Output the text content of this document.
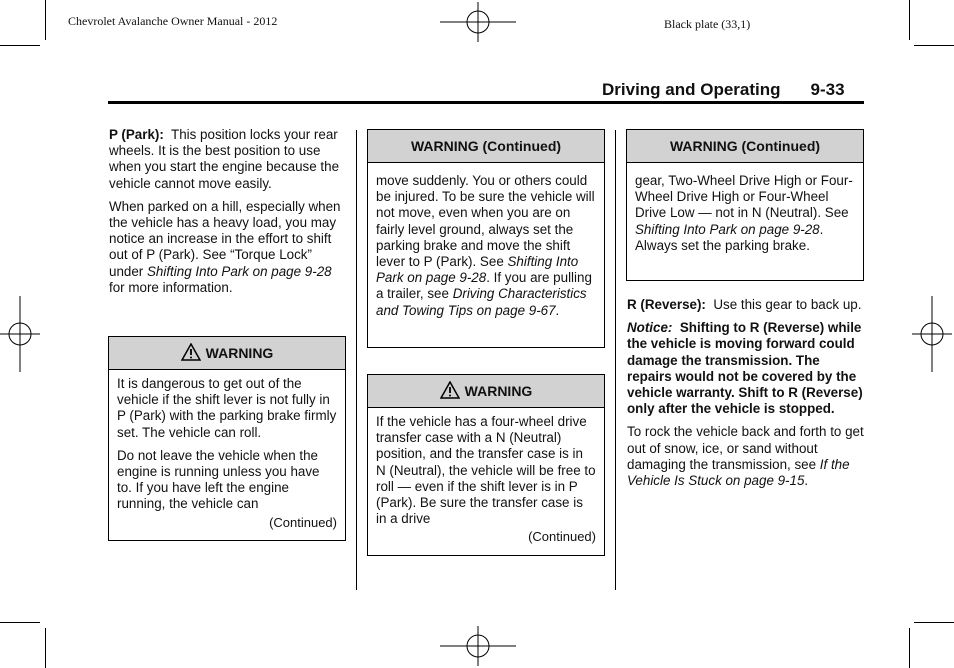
Chevrolet Avalanche Owner Manual - 2012	Black plate (33,1)
Driving and Operating 9-33

P (Park): This position locks your rear wheels. It is the best position to use when you start the engine because the vehicle cannot move easily.

When parked on a hill, especially when the vehicle has a heavy load, you may notice an increase in the effort to shift out of P (Park). See “Torque Lock” under Shifting Into Park on page 9-28 for more information.

WARNING

It is dangerous to get out of the vehicle if the shift lever is not fully in P (Park) with the parking brake firmly set. The vehicle can roll.

Do not leave the vehicle when the engine is running unless you have to. If you have left the engine running, the vehicle can

(Continued)
WARNING (Continued)

move suddenly. You or others could be injured. To be sure the vehicle will not move, even when you are on fairly level ground, always set the parking brake and move the shift lever to P (Park). See Shifting Into Park on page 9-28. If you are pulling a trailer, see Driving Characteristics and Towing Tips on page 9-67.

WARNING

If the vehicle has a four-wheel drive transfer case with a N (Neutral) position, and the transfer case is in N (Neutral), the vehicle will be free to roll — even if the shift lever is in P (Park). Be sure the transfer case is in a drive

(Continued)
WARNING (Continued)

gear, Two-Wheel Drive High or Four-Wheel Drive High or Four-Wheel Drive Low — not in N (Neutral). See Shifting Into Park on page 9-28. Always set the parking brake.

R (Reverse): Use this gear to back up.

Notice: Shifting to R (Reverse) while the vehicle is moving forward could damage the transmission. The repairs would not be covered by the vehicle warranty. Shift to R (Reverse) only after the vehicle is stopped.

To rock the vehicle back and forth to get out of snow, ice, or sand without damaging the transmission, see If the Vehicle Is Stuck on page 9-15.
